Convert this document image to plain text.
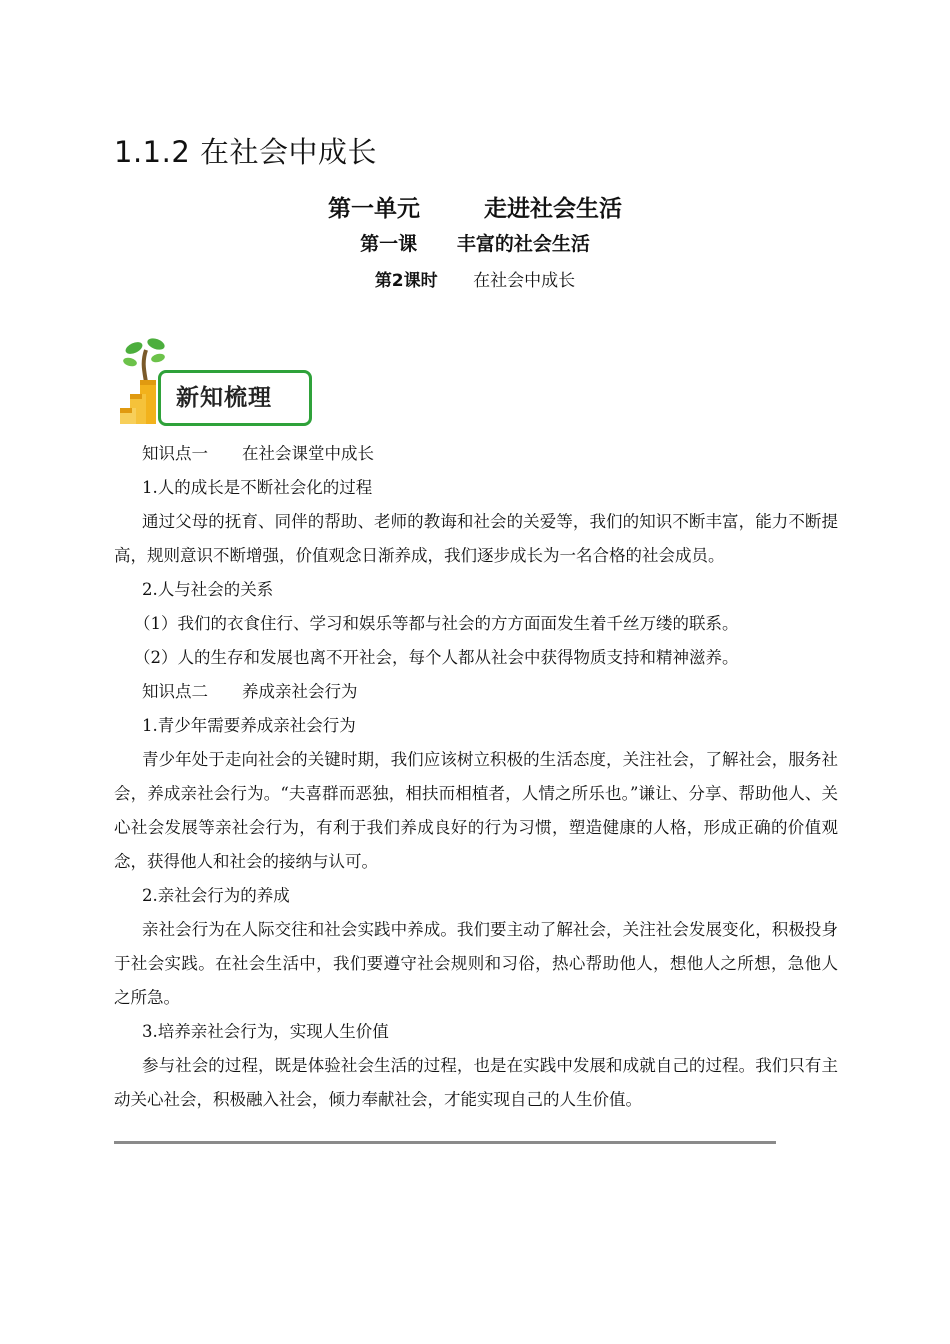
1.1.2 在社会中成长
第一单元	走进社会生活
第一课 丰富的社会生活
第2课时 在社会中成长
新知梳理

知识点一 在社会课堂中成长

1.人的成长是不断社会化的过程

通过父母的抚育、同伴的帮助、老师的教诲和社会的关爱等，我们的知识不断丰富，能力不断提高，规则意识不断增强，价值观念日渐养成，我们逐步成长为一名合格的社会成员。

2.人与社会的关系

（1）我们的衣食住行、学习和娱乐等都与社会的方方面面发生着千丝万缕的联系。

（2）人的生存和发展也离不开社会，每个人都从社会中获得物质支持和精神滋养。

知识点二 养成亲社会行为

1.青少年需要养成亲社会行为

青少年处于走向社会的关键时期，我们应该树立积极的生活态度，关注社会，了解社会，服务社会，养成亲社会行为。“夫喜群而恶独，相扶而相植者，人情之所乐也。”谦让、分享、帮助他人、关心社会发展等亲社会行为，有利于我们养成良好的行为习惯，塑造健康的人格，形成正确的价值观念，获得他人和社会的接纳与认可。

2.亲社会行为的养成

亲社会行为在人际交往和社会实践中养成。我们要主动了解社会，关注社会发展变化，积极投身于社会实践。在社会生活中，我们要遵守社会规则和习俗，热心帮助他人，想他人之所想，急他人之所急。

3.培养亲社会行为，实现人生价值

参与社会的过程，既是体验社会生活的过程，也是在实践中发展和成就自己的过程。我们只有主动关心社会，积极融入社会，倾力奉献社会，才能实现自己的人生价值。
